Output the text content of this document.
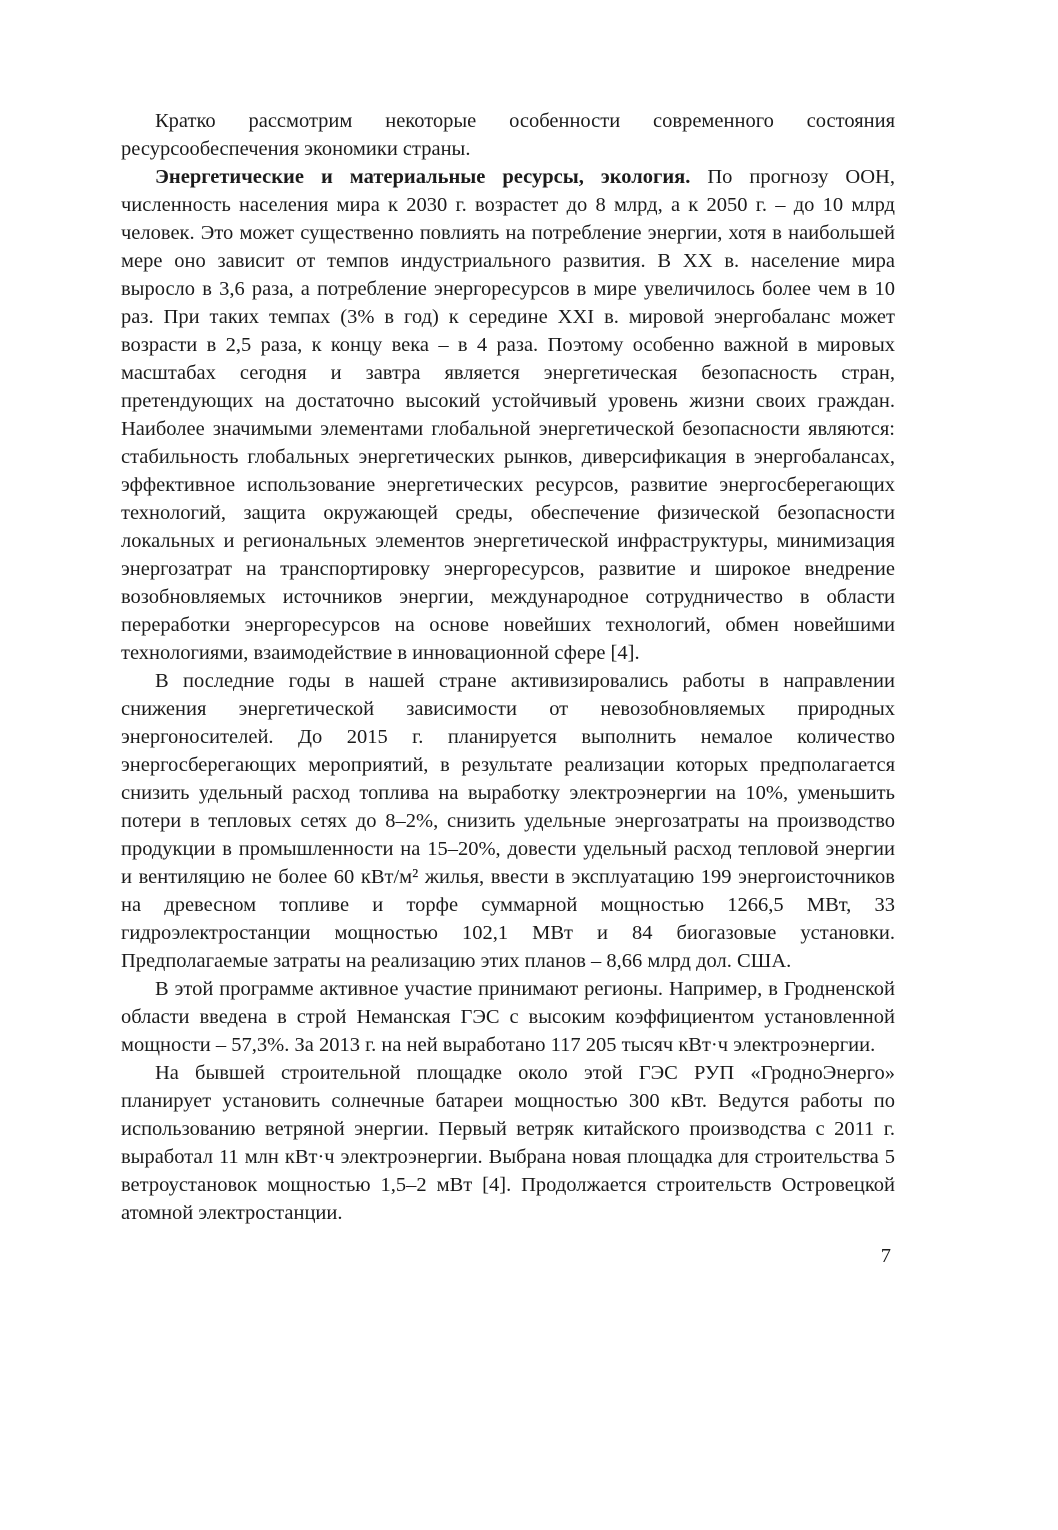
Кратко рассмотрим некоторые особенности современного состояния ресурсообеспечения экономики страны.

Энергетические и материальные ресурсы, экология. По прогнозу ООН, численность населения мира к 2030 г. возрастет до 8 млрд, а к 2050 г. – до 10 млрд человек. Это может существенно повлиять на потребление энергии, хотя в наибольшей мере оно зависит от темпов индустриального развития. В XX в. население мира выросло в 3,6 раза, а потребление энергоресурсов в мире увеличилось более чем в 10 раз. При таких темпах (3% в год) к середине XXI в. мировой энергобаланс может возрасти в 2,5 раза, к концу века – в 4 раза. Поэтому особенно важной в мировых масштабах сегодня и завтра является энергетическая безопасность стран, претендующих на достаточно высокий устойчивый уровень жизни своих граждан. Наиболее значимыми элементами глобальной энергетической безопасности являются: стабильность глобальных энергетических рынков, диверсификация в энергобалансах, эффективное использование энергетических ресурсов, развитие энергосберегающих технологий, защита окружающей среды, обеспечение физической безопасности локальных и региональных элементов энергетической инфраструктуры, минимизация энергозатрат на транспортировку энергоресурсов, развитие и широкое внедрение возобновляемых источников энергии, международное сотрудничество в области переработки энергоресурсов на основе новейших технологий, обмен новейшими технологиями, взаимодействие в инновационной сфере [4].

В последние годы в нашей стране активизировались работы в направлении снижения энергетической зависимости от невозобновляемых природных энергоносителей. До 2015 г. планируется выполнить немалое количество энергосберегающих мероприятий, в результате реализации которых предполагается снизить удельный расход топлива на выработку электроэнергии на 10%, уменьшить потери в тепловых сетях до 8–2%, снизить удельные энергозатраты на производство продукции в промышленности на 15–20%, довести удельный расход тепловой энергии и вентиляцию не более 60 кВт/м² жилья, ввести в эксплуатацию 199 энергоисточников на древесном топливе и торфе суммарной мощностью 1266,5 МВт, 33 гидроэлектростанции мощностью 102,1 МВт и 84 биогазовые установки. Предполагаемые затраты на реализацию этих планов – 8,66 млрд дол. США.

В этой программе активное участие принимают регионы. Например, в Гродненской области введена в строй Неманская ГЭС с высоким коэффициентом установленной мощности – 57,3%. За 2013 г. на ней выработано 117 205 тысяч кВт·ч электроэнергии.

На бывшей строительной площадке около этой ГЭС РУП «ГродноЭнерго» планирует установить солнечные батареи мощностью 300 кВт. Ведутся работы по использованию ветряной энергии. Первый ветряк китайского производства с 2011 г. выработал 11 млн кВт·ч электроэнергии. Выбрана новая площадка для строительства 5 ветроустановок мощностью 1,5–2 мВт [4]. Продолжается строительств Островецкой атомной электростанции.

7
